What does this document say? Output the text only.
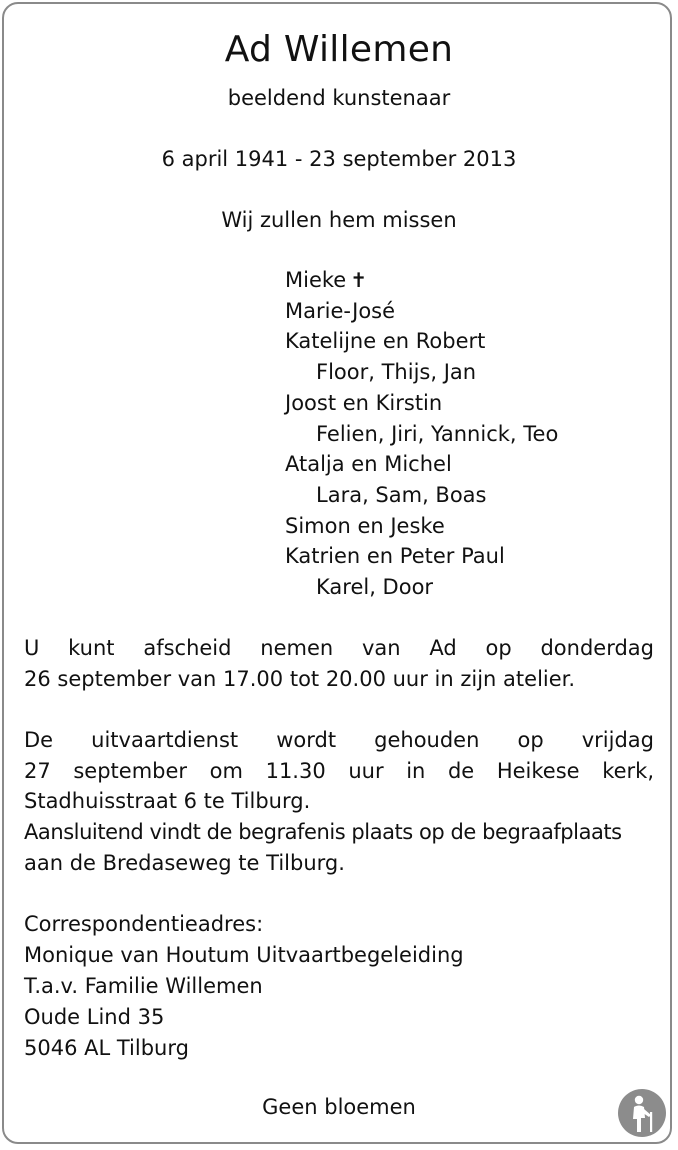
Ad Willemen
beeldend kunstenaar
6 april 1941 - 23 september 2013
Wij zullen hem missen
Mieke ✝
Marie-José
Katelijne en Robert
Floor, Thijs, Jan
Joost en Kirstin
Felien, Jiri, Yannick, Teo
Atalja en Michel
Lara, Sam, Boas
Simon en Jeske
Katrien en Peter Paul
Karel, Door

U kunt afscheid nemen van Ad op donderdag

26 september van 17.00 tot 20.00 uur in zijn atelier.

De uitvaartdienst wordt gehouden op vrijdag

27 september om 11.30 uur in de Heikese kerk,

Stadhuisstraat 6 te Tilburg.

Aansluitend vindt de begrafenis plaats op de begraafplaats

aan de Bredaseweg te Tilburg.

Correspondentieadres:
Monique van Houtum Uitvaartbegeleiding
T.a.v. Familie Willemen
Oude Lind 35
5046 AL Tilburg
Geen bloemen
